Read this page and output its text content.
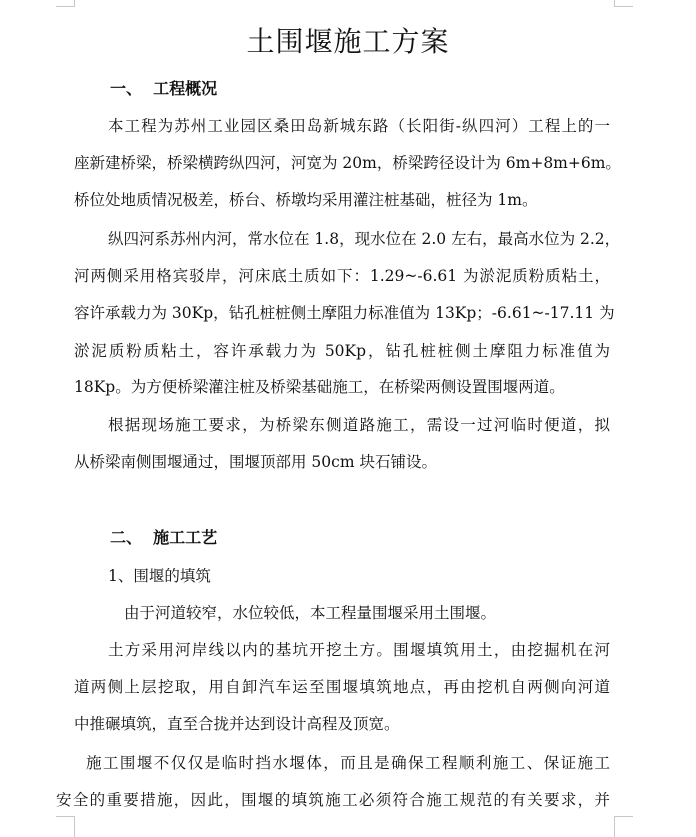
土围堰施工方案
一、  工程概况
本工程为苏州工业园区桑田岛新城东路（长阳街-纵四河）工程上的一
座新建桥梁，桥梁横跨纵四河，河宽为 20m，桥梁跨径设计为 6m+8m+6m。
桥位处地质情况极差，桥台、桥墩均采用灌注桩基础，桩径为 1m。
纵四河系苏州内河，常水位在 1.8，现水位在 2.0 左右，最高水位为 2.2，
河两侧采用格宾驳岸，河床底土质如下：1.29~-6.61 为淤泥质粉质粘土，
容许承载力为 30Kp，钻孔桩桩侧土摩阻力标准值为 13Kp；-6.61~-17.11 为
淤泥质粉质粘土，容许承载力为 50Kp，钻孔桩桩侧土摩阻力标准值为
18Kp。为方便桥梁灌注桩及桥梁基础施工，在桥梁两侧设置围堰两道。
根据现场施工要求，为桥梁东侧道路施工，需设一过河临时便道，拟
从桥梁南侧围堰通过，围堰顶部用 50cm 块石铺设。
二、  施工工艺
1、围堰的填筑
由于河道较窄，水位较低，本工程量围堰采用土围堰。
土方采用河岸线以内的基坑开挖土方。围堰填筑用土，由挖掘机在河
道两侧上层挖取，用自卸汽车运至围堰填筑地点，再由挖机自两侧向河道
中推碾填筑，直至合拢并达到设计高程及顶宽。
施工围堰不仅仅是临时挡水堰体，而且是确保工程顺利施工、保证施工
安全的重要措施，因此，围堰的填筑施工必须符合施工规范的有关要求，并
